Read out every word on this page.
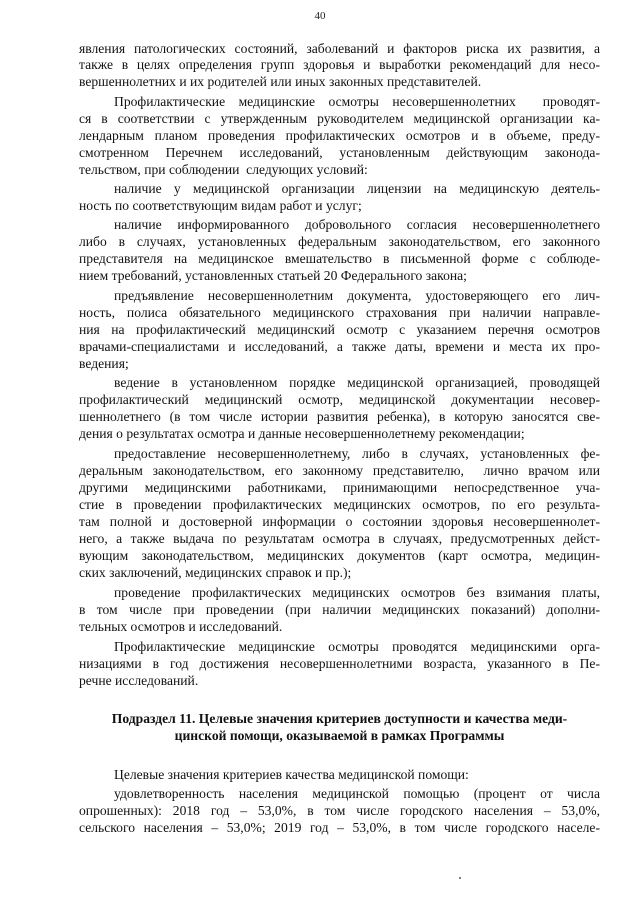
40
явления патологических состояний, заболеваний и факторов риска их развития, а
также в целях определения групп здоровья и выработки рекомендаций для несо-
вершеннолетних и их родителей или иных законных представителей.
Профилактические медицинские осмотры несовершеннолетних  проводят-
ся в соответствии с утвержденным руководителем медицинской организации ка-
лендарным планом проведения профилактических осмотров и в объеме, преду-
смотренном Перечнем исследований, установленным действующим законода-
тельством, при соблюдении  следующих условий:
наличие у медицинской организации лицензии на медицинскую деятель-
ность по соответствующим видам работ и услуг;
наличие информированного добровольного согласия несовершеннолетнего
либо в случаях, установленных федеральным законодательством, его законного
представителя на медицинское вмешательство в письменной форме с соблюде-
нием требований, установленных статьей 20 Федерального закона;
предъявление несовершеннолетним документа, удостоверяющего его лич-
ность, полиса обязательного медицинского страхования при наличии направле-
ния на профилактический медицинский осмотр с указанием перечня осмотров
врачами-специалистами и исследований, а также даты, времени и места их про-
ведения;
ведение в установленном порядке медицинской организацией, проводящей
профилактический медицинский осмотр, медицинской документации несовер-
шеннолетнего (в том числе истории развития ребенка), в которую заносятся све-
дения о результатах осмотра и данные несовершеннолетнему рекомендации;
предоставление несовершеннолетнему, либо в случаях, установленных фе-
деральным законодательством, его законному представителю,  лично врачом или
другими медицинскими работниками, принимающими непосредственное уча-
стие в проведении профилактических медицинских осмотров, по его результа-
там полной и достоверной информации о состоянии здоровья несовершеннолет-
него, а также выдача по результатам осмотра в случаях, предусмотренных дейст-
вующим законодательством, медицинских документов (карт осмотра, медицин-
ских заключений, медицинских справок и пр.);
проведение профилактических медицинских осмотров без взимания платы,
в том числе при проведении (при наличии медицинских показаний) дополни-
тельных осмотров и исследований.
Профилактические медицинские осмотры проводятся медицинскими орга-
низациями в год достижения несовершеннолетними возраста, указанного в Пе-
речне исследований.
Подраздел 11. Целевые значения критериев доступности и качества меди-
цинской помощи, оказываемой в рамках Программы
Целевые значения критериев качества медицинской помощи:
удовлетворенность населения медицинской помощью (процент от числа
опрошенных): 2018 год – 53,0%, в том числе городского населения – 53,0%,
сельского населения – 53,0%; 2019 год – 53,0%, в том числе городского населе-
